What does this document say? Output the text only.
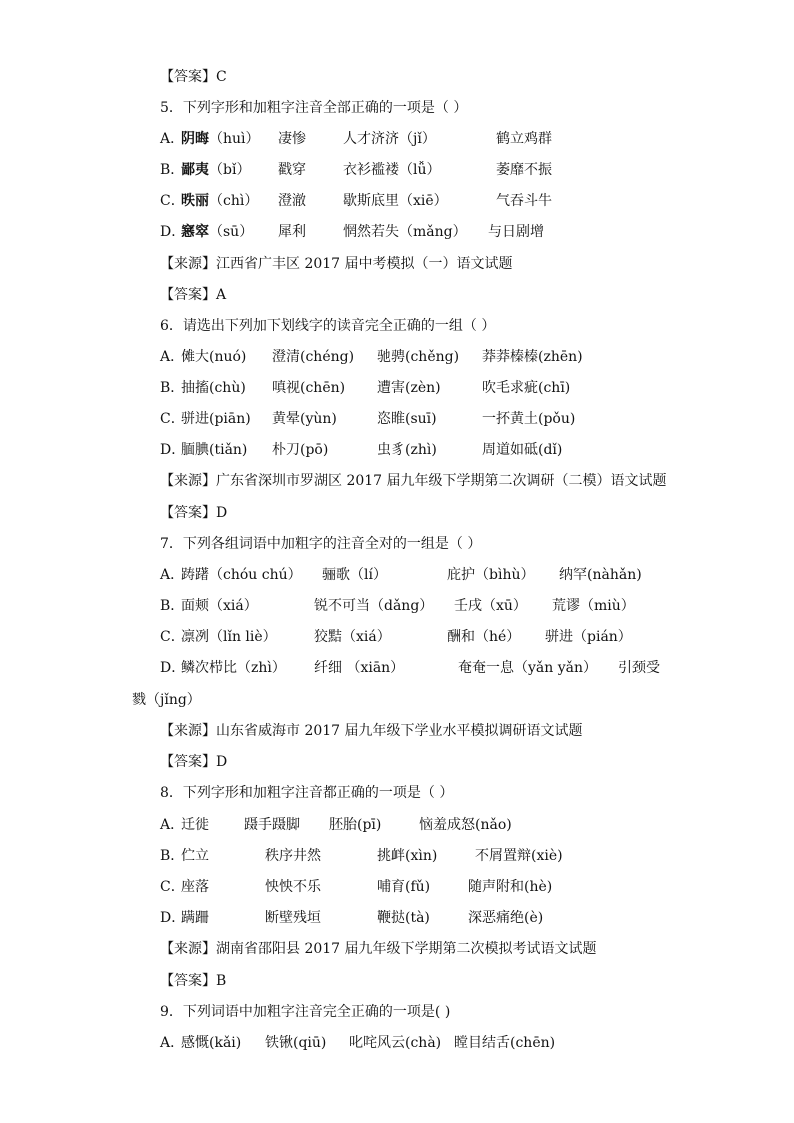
【答案】C
5．下列字形和加粗字注音全部正确的一项是（ ）
A．
阴晦（huì） 凄惨	人才济济（jǐ）	鹤立鸡群
B．
鄙夷（bǐ） 戳穿	衣衫褴褛（lǚ）	萎靡不振
C．
昳丽（chì） 澄澈	歇斯底里（xiē）	气吞斗牛
D．
窸窣（sū） 犀利	惘然若失（mǎng） 与日剧增
【来源】江西省广丰区 2017 届中考模拟（一）语文试题
【答案】A
6．请选出下列加下划线字的读音完全正确的一组（ ）
A．
傩大(nuó) 澄清(chéng) 驰骋(chěng) 莽莽榛榛(zhēn)
B．
抽搐(chù) 嗔视(chēn) 遭害(zèn)	吹毛求疵(chī)
C．
骈进(piān) 黄晕(yùn)	恣睢(suī)	一抔黄土(pǒu)
D．
腼腆(tiǎn) 朴刀(pō)	虫豸(zhì)	周道如砥(dǐ)
【来源】广东省深圳市罗湖区 2017 届九年级下学期第二次调研（二模）语文试题
【答案】D
7．下列各组词语中加粗字的注音全对的一组是（ ）
A．
踌躇（chóu chú） 骊歌（lí）	庇护（bìhù） 纳罕(nàhǎn)
B．
面颊（xiá）	锐不可当（dǎng） 壬戌（xū） 荒谬（miù）
C．
凛冽（lǐn liè）	狡黠（xiá）	酬和（hé） 骈进（pián）
D．
鳞次栉比（zhì） 纤细 （xiān）	奄奄一息（yǎn yǎn） 引颈受
戮（jǐng）
【来源】山东省威海市 2017 届九年级下学业水平模拟调研语文试题
【答案】D
8．下列字形和加粗字注音都正确的一项是（ ）
A．
迁徙	蹑手蹑脚 胚胎(pī)	恼羞成怒(nǎo)
B．
伫立	秩序井然	挑衅(xìn)	不屑置辩(xiè)
C．
座落	怏怏不乐	哺育(fǔ)	随声附和(hè)
D．
蹒跚	断壁残垣	鞭挞(tà)	深恶痛绝(è)
【来源】湖南省邵阳县 2017 届九年级下学期第二次模拟考试语文试题
【答案】B
9．下列词语中加粗字注音完全正确的一项是( )
A．
感慨(kǎi) 铁锹(qiū) 叱咤风云(chà) 瞠目结舌(chēn)
